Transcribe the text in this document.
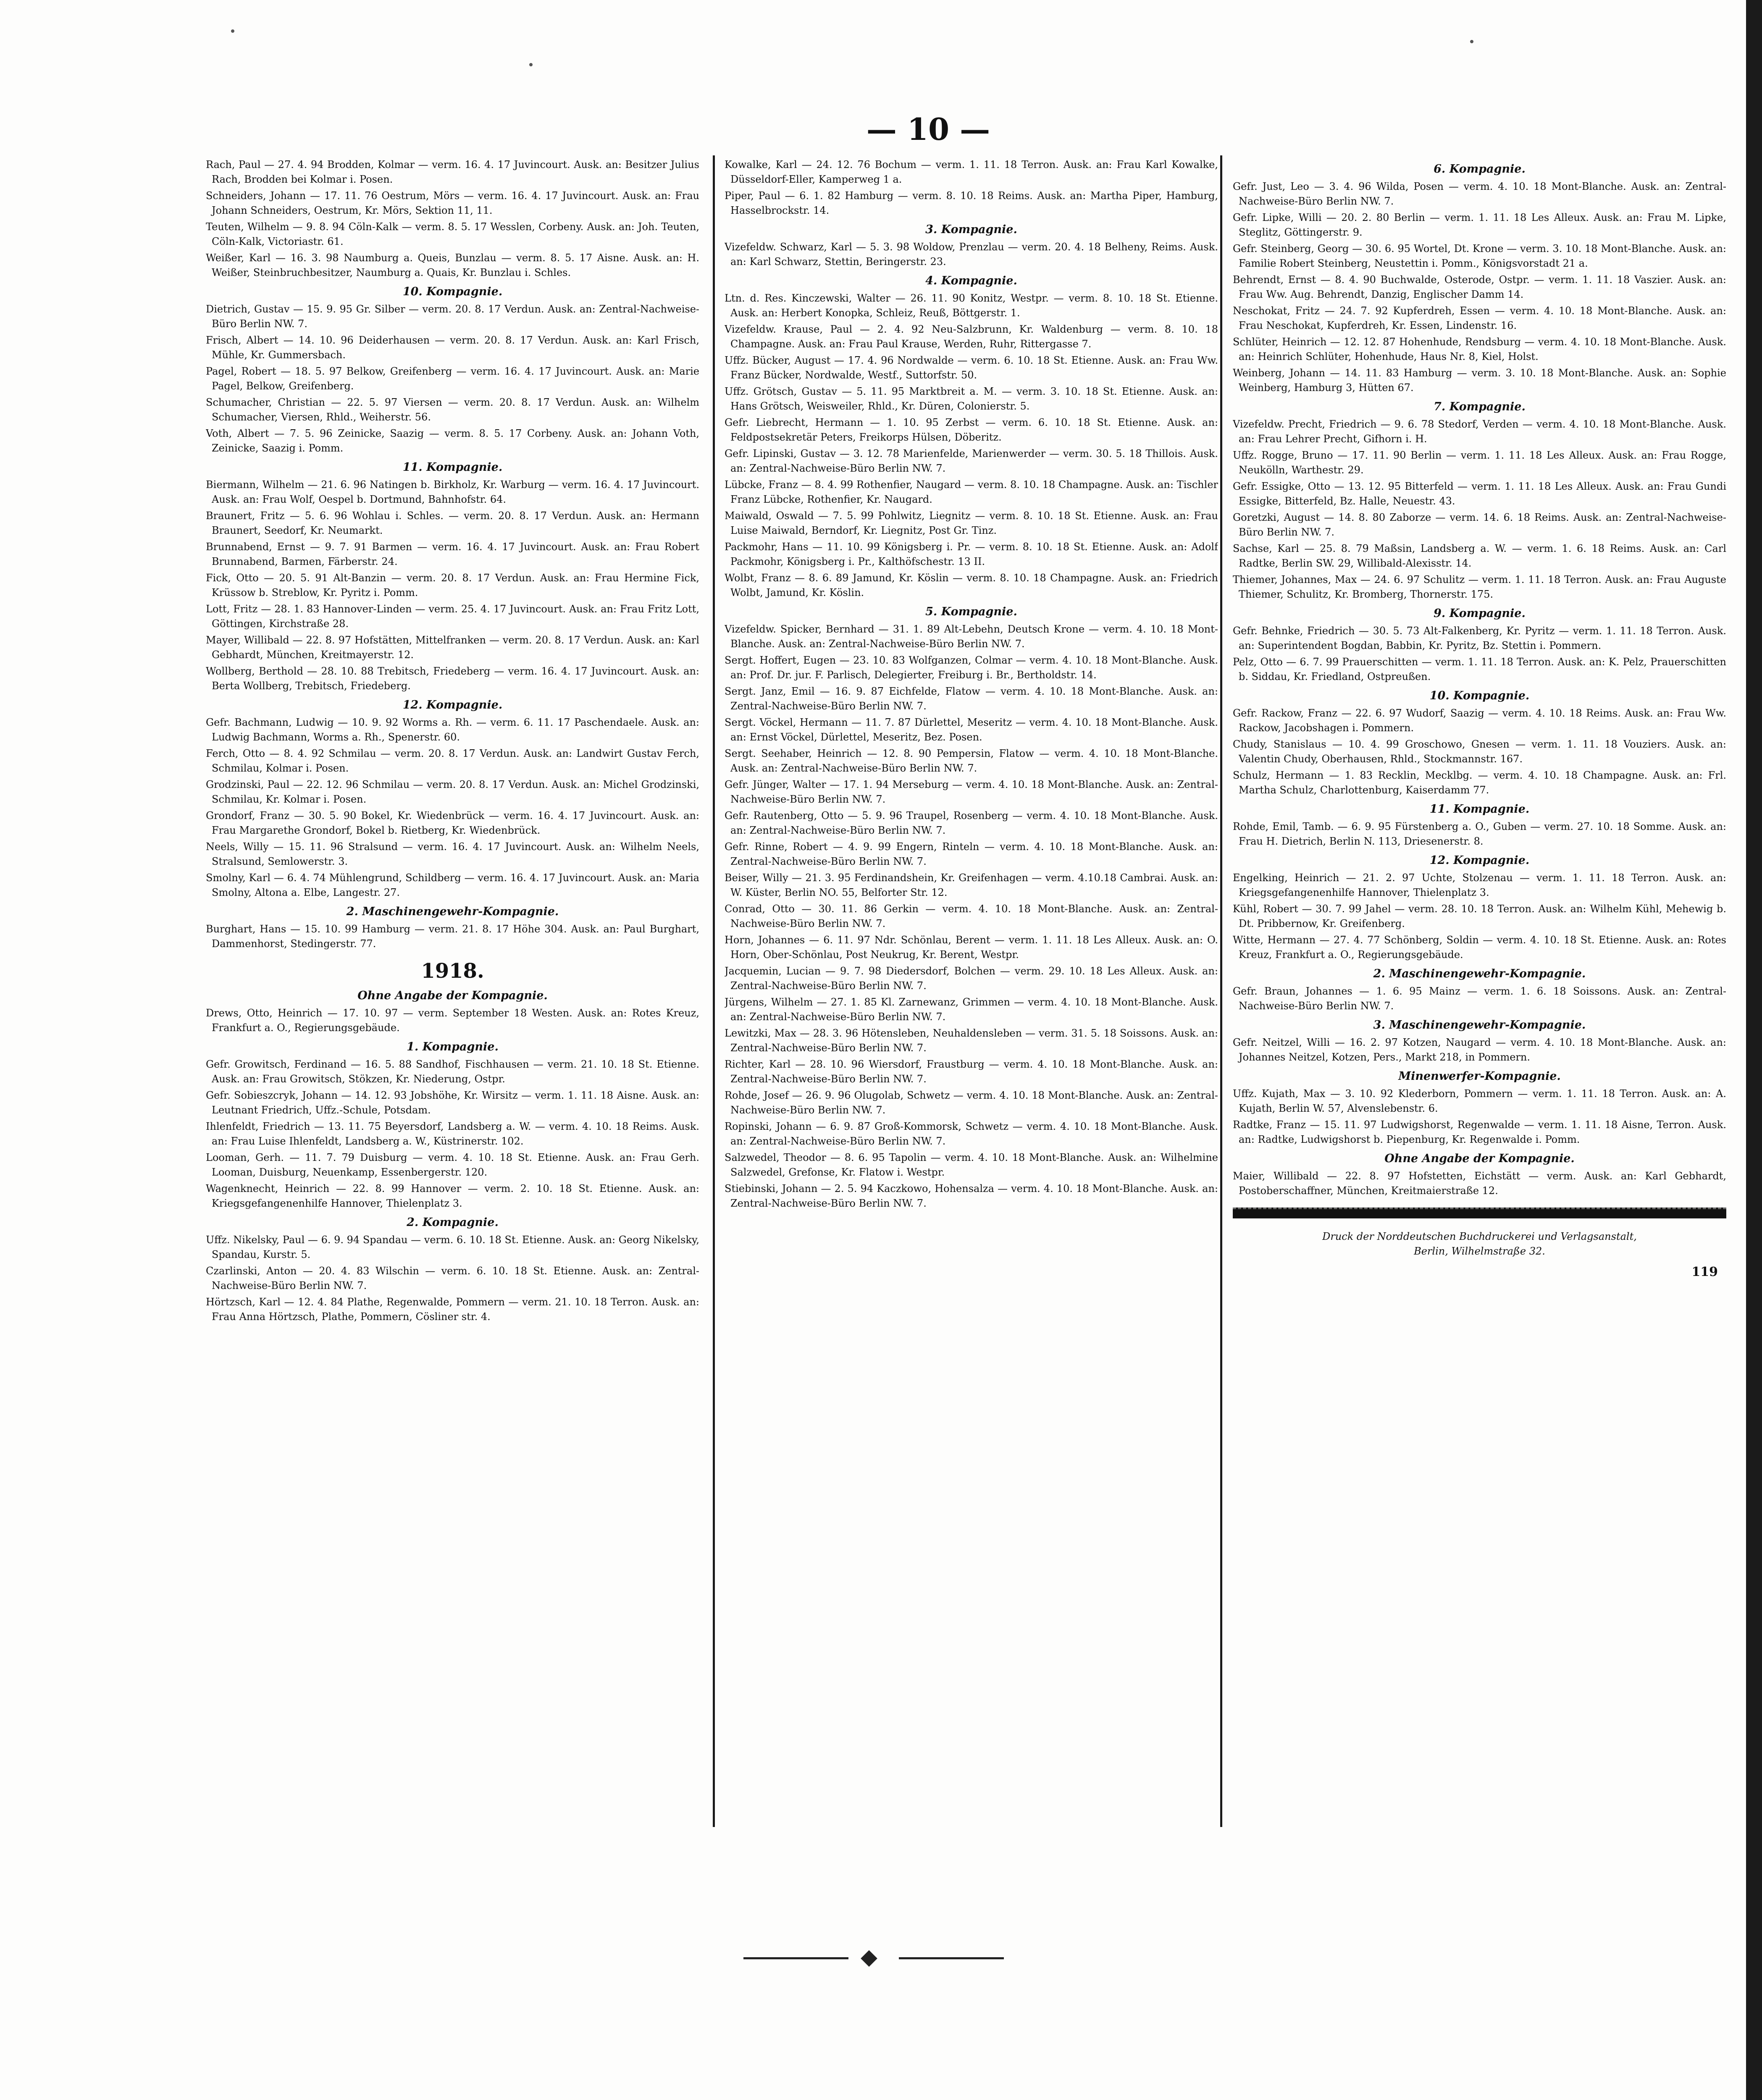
— 10 —
Rach, Paul — 27. 4. 94 Brodden, Kolmar — verm. 16. 4. 17 Juvincourt. Ausk. an: Besitzer Julius Rach, Brodden bei Kolmar i. Posen.
Schneiders, Johann — 17. 11. 76 Oestrum, Mörs — verm. 16. 4. 17 Juvincourt. Ausk. an: Frau Johann Schneiders, Oestrum, Kr. Mörs, Sektion 11, 11.
Teuten, Wilhelm — 9. 8. 94 Cöln-Kalk — verm. 8. 5. 17 Wesslen, Corbeny. Ausk. an: Joh. Teuten, Cöln-Kalk, Victoriastr. 61.
Weißer, Karl — 16. 3. 98 Naumburg a. Queis, Bunzlau — verm. 8. 5. 17 Aisne. Ausk. an: H. Weißer, Steinbruchbesitzer, Naumburg a. Quais, Kr. Bunzlau i. Schles.
10. Kompagnie.
Dietrich, Gustav — 15. 9. 95 Gr. Silber — verm. 20. 8. 17 Verdun. Ausk. an: Zentral-Nachweise-Büro Berlin NW. 7.
Frisch, Albert — 14. 10. 96 Deiderhausen — verm. 20. 8. 17 Verdun. Ausk. an: Karl Frisch, Mühle, Kr. Gummersbach.
Pagel, Robert — 18. 5. 97 Belkow, Greifenberg — verm. 16. 4. 17 Juvincourt. Ausk. an: Marie Pagel, Belkow, Greifenberg.
Schumacher, Christian — 22. 5. 97 Viersen — verm. 20. 8. 17 Verdun. Ausk. an: Wilhelm Schumacher, Viersen, Rhld., Weiherstr. 56.
Voth, Albert — 7. 5. 96 Zeinicke, Saazig — verm. 8. 5. 17 Corbeny. Ausk. an: Johann Voth, Zeinicke, Saazig i. Pomm.
11. Kompagnie.
Biermann, Wilhelm — 21. 6. 96 Natingen b. Birkholz, Kr. Warburg — verm. 16. 4. 17 Juvincourt. Ausk. an: Frau Wolf, Oespel b. Dortmund, Bahnhofstr. 64.
Braunert, Fritz — 5. 6. 96 Wohlau i. Schles. — verm. 20. 8. 17 Verdun. Ausk. an: Hermann Braunert, Seedorf, Kr. Neumarkt.
Brunnabend, Ernst — 9. 7. 91 Barmen — verm. 16. 4. 17 Juvincourt. Ausk. an: Frau Robert Brunnabend, Barmen, Färberstr. 24.
Fick, Otto — 20. 5. 91 Alt-Banzin — verm. 20. 8. 17 Verdun. Ausk. an: Frau Hermine Fick, Krüssow b. Streblow, Kr. Pyritz i. Pomm.
Lott, Fritz — 28. 1. 83 Hannover-Linden — verm. 25. 4. 17 Juvincourt. Ausk. an: Frau Fritz Lott, Göttingen, Kirchstraße 28.
Mayer, Willibald — 22. 8. 97 Hofstätten, Mittelfranken — verm. 20. 8. 17 Verdun. Ausk. an: Karl Gebhardt, München, Kreitmayerstr. 12.
Wollberg, Berthold — 28. 10. 88 Trebitsch, Friedeberg — verm. 16. 4. 17 Juvincourt. Ausk. an: Berta Wollberg, Trebitsch, Friedeberg.
12. Kompagnie.
Gefr. Bachmann, Ludwig — 10. 9. 92 Worms a. Rh. — verm. 6. 11. 17 Paschendaele. Ausk. an: Ludwig Bachmann, Worms a. Rh., Spenerstr. 60.
Ferch, Otto — 8. 4. 92 Schmilau — verm. 20. 8. 17 Verdun. Ausk. an: Landwirt Gustav Ferch, Schmilau, Kolmar i. Posen.
Grodzinski, Paul — 22. 12. 96 Schmilau — verm. 20. 8. 17 Verdun. Ausk. an: Michel Grodzinski, Schmilau, Kr. Kolmar i. Posen.
Grondorf, Franz — 30. 5. 90 Bokel, Kr. Wiedenbrück — verm. 16. 4. 17 Juvincourt. Ausk. an: Frau Margarethe Grondorf, Bokel b. Rietberg, Kr. Wiedenbrück.
Neels, Willy — 15. 11. 96 Stralsund — verm. 16. 4. 17 Juvincourt. Ausk. an: Wilhelm Neels, Stralsund, Semlowerstr. 3.
Smolny, Karl — 6. 4. 74 Mühlengrund, Schildberg — verm. 16. 4. 17 Juvincourt. Ausk. an: Maria Smolny, Altona a. Elbe, Langestr. 27.
2. Maschinengewehr-Kompagnie.
Burghart, Hans — 15. 10. 99 Hamburg — verm. 21. 8. 17 Höhe 304. Ausk. an: Paul Burghart, Dammenhorst, Stedingerstr. 77.
1918.
Ohne Angabe der Kompagnie.
Drews, Otto, Heinrich — 17. 10. 97 — verm. September 18 Westen. Ausk. an: Rotes Kreuz, Frankfurt a. O., Regierungsgebäude.
1. Kompagnie.
Gefr. Growitsch, Ferdinand — 16. 5. 88 Sandhof, Fischhausen — verm. 21. 10. 18 St. Etienne. Ausk. an: Frau Growitsch, Stökzen, Kr. Niederung, Ostpr.
Gefr. Sobieszcryk, Johann — 14. 12. 93 Jobshöhe, Kr. Wirsitz — verm. 1. 11. 18 Aisne. Ausk. an: Leutnant Friedrich, Uffz.-Schule, Potsdam.
Ihlenfeldt, Friedrich — 13. 11. 75 Beyersdorf, Landsberg a. W. — verm. 4. 10. 18 Reims. Ausk. an: Frau Luise Ihlenfeldt, Landsberg a. W., Küstrinerstr. 102.
Looman, Gerh. — 11. 7. 79 Duisburg — verm. 4. 10. 18 St. Etienne. Ausk. an: Frau Gerh. Looman, Duisburg, Neuenkamp, Essenbergerstr. 120.
Wagenknecht, Heinrich — 22. 8. 99 Hannover — verm. 2. 10. 18 St. Etienne. Ausk. an: Kriegsgefangenenhilfe Hannover, Thielenplatz 3.
2. Kompagnie.
Uffz. Nikelsky, Paul — 6. 9. 94 Spandau — verm. 6. 10. 18 St. Etienne. Ausk. an: Georg Nikelsky, Spandau, Kurstr. 5.
Czarlinski, Anton — 20. 4. 83 Wilschin — verm. 6. 10. 18 St. Etienne. Ausk. an: Zentral-Nachweise-Büro Berlin NW. 7.
Hörtzsch, Karl — 12. 4. 84 Plathe, Regenwalde, Pommern — verm. 21. 10. 18 Terron. Ausk. an: Frau Anna Hörtzsch, Plathe, Pommern, Cösliner str. 4.
Kowalke, Karl — 24. 12. 76 Bochum — verm. 1. 11. 18 Terron. Ausk. an: Frau Karl Kowalke, Düsseldorf-Eller, Kamperweg 1 a.
Piper, Paul — 6. 1. 82 Hamburg — verm. 8. 10. 18 Reims. Ausk. an: Martha Piper, Hamburg, Hasselbrockstr. 14.
3. Kompagnie.
Vizefeldw. Schwarz, Karl — 5. 3. 98 Woldow, Prenzlau — verm. 20. 4. 18 Belheny, Reims. Ausk. an: Karl Schwarz, Stettin, Beringerstr. 23.
4. Kompagnie.
Ltn. d. Res. Kinczewski, Walter — 26. 11. 90 Konitz, Westpr. — verm. 8. 10. 18 St. Etienne. Ausk. an: Herbert Konopka, Schleiz, Reuß, Böttgerstr. 1.
Vizefeldw. Krause, Paul — 2. 4. 92 Neu-Salzbrunn, Kr. Waldenburg — verm. 8. 10. 18 Champagne. Ausk. an: Frau Paul Krause, Werden, Ruhr, Rittergasse 7.
Uffz. Bücker, August — 17. 4. 96 Nordwalde — verm. 6. 10. 18 St. Etienne. Ausk. an: Frau Ww. Franz Bücker, Nordwalde, Westf., Suttorfstr. 50.
Uffz. Grötsch, Gustav — 5. 11. 95 Marktbreit a. M. — verm. 3. 10. 18 St. Etienne. Ausk. an: Hans Grötsch, Weisweiler, Rhld., Kr. Düren, Colonierstr. 5.
Gefr. Liebrecht, Hermann — 1. 10. 95 Zerbst — verm. 6. 10. 18 St. Etienne. Ausk. an: Feldpostsekretär Peters, Freikorps Hülsen, Döberitz.
Gefr. Lipinski, Gustav — 3. 12. 78 Marienfelde, Marienwerder — verm. 30. 5. 18 Thillois. Ausk. an: Zentral-Nachweise-Büro Berlin NW. 7.
Lübcke, Franz — 8. 4. 99 Rothenfier, Naugard — verm. 8. 10. 18 Champagne. Ausk. an: Tischler Franz Lübcke, Rothenfier, Kr. Naugard.
Maiwald, Oswald — 7. 5. 99 Pohlwitz, Liegnitz — verm. 8. 10. 18 St. Etienne. Ausk. an: Frau Luise Maiwald, Berndorf, Kr. Liegnitz, Post Gr. Tinz.
Packmohr, Hans — 11. 10. 99 Königsberg i. Pr. — verm. 8. 10. 18 St. Etienne. Ausk. an: Adolf Packmohr, Königsberg i. Pr., Kalthöfschestr. 13 II.
Wolbt, Franz — 8. 6. 89 Jamund, Kr. Köslin — verm. 8. 10. 18 Champagne. Ausk. an: Friedrich Wolbt, Jamund, Kr. Köslin.
5. Kompagnie.
Vizefeldw. Spicker, Bernhard — 31. 1. 89 Alt-Lebehn, Deutsch Krone — verm. 4. 10. 18 Mont-Blanche. Ausk. an: Zentral-Nachweise-Büro Berlin NW. 7.
Sergt. Hoffert, Eugen — 23. 10. 83 Wolfganzen, Colmar — verm. 4. 10. 18 Mont-Blanche. Ausk. an: Prof. Dr. jur. F. Parlisch, Delegierter, Freiburg i. Br., Bertholdstr. 14.
Sergt. Janz, Emil — 16. 9. 87 Eichfelde, Flatow — verm. 4. 10. 18 Mont-Blanche. Ausk. an: Zentral-Nachweise-Büro Berlin NW. 7.
Sergt. Vöckel, Hermann — 11. 7. 87 Dürlettel, Meseritz — verm. 4. 10. 18 Mont-Blanche. Ausk. an: Ernst Vöckel, Dürlettel, Meseritz, Bez. Posen.
Sergt. Seehaber, Heinrich — 12. 8. 90 Pempersin, Flatow — verm. 4. 10. 18 Mont-Blanche. Ausk. an: Zentral-Nachweise-Büro Berlin NW. 7.
Gefr. Jünger, Walter — 17. 1. 94 Merseburg — verm. 4. 10. 18 Mont-Blanche. Ausk. an: Zentral-Nachweise-Büro Berlin NW. 7.
Gefr. Rautenberg, Otto — 5. 9. 96 Traupel, Rosenberg — verm. 4. 10. 18 Mont-Blanche. Ausk. an: Zentral-Nachweise-Büro Berlin NW. 7.
Gefr. Rinne, Robert — 4. 9. 99 Engern, Rinteln — verm. 4. 10. 18 Mont-Blanche. Ausk. an: Zentral-Nachweise-Büro Berlin NW. 7.
Beiser, Willy — 21. 3. 95 Ferdinandshein, Kr. Greifenhagen — verm. 4.10.18 Cambrai. Ausk. an: W. Küster, Berlin NO. 55, Belforter Str. 12.
Conrad, Otto — 30. 11. 86 Gerkin — verm. 4. 10. 18 Mont-Blanche. Ausk. an: Zentral-Nachweise-Büro Berlin NW. 7.
Horn, Johannes — 6. 11. 97 Ndr. Schönlau, Berent — verm. 1. 11. 18 Les Alleux. Ausk. an: O. Horn, Ober-Schönlau, Post Neukrug, Kr. Berent, Westpr.
Jacquemin, Lucian — 9. 7. 98 Diedersdorf, Bolchen — verm. 29. 10. 18 Les Alleux. Ausk. an: Zentral-Nachweise-Büro Berlin NW. 7.
Jürgens, Wilhelm — 27. 1. 85 Kl. Zarnewanz, Grimmen — verm. 4. 10. 18 Mont-Blanche. Ausk. an: Zentral-Nachweise-Büro Berlin NW. 7.
Lewitzki, Max — 28. 3. 96 Hötensleben, Neuhaldensleben — verm. 31. 5. 18 Soissons. Ausk. an: Zentral-Nachweise-Büro Berlin NW. 7.
Richter, Karl — 28. 10. 96 Wiersdorf, Fraustburg — verm. 4. 10. 18 Mont-Blanche. Ausk. an: Zentral-Nachweise-Büro Berlin NW. 7.
Rohde, Josef — 26. 9. 96 Olugolab, Schwetz — verm. 4. 10. 18 Mont-Blanche. Ausk. an: Zentral-Nachweise-Büro Berlin NW. 7.
Ropinski, Johann — 6. 9. 87 Groß-Kommorsk, Schwetz — verm. 4. 10. 18 Mont-Blanche. Ausk. an: Zentral-Nachweise-Büro Berlin NW. 7.
Salzwedel, Theodor — 8. 6. 95 Tapolin — verm. 4. 10. 18 Mont-Blanche. Ausk. an: Wilhelmine Salzwedel, Grefonse, Kr. Flatow i. Westpr.
Stiebinski, Johann — 2. 5. 94 Kaczkowo, Hohensalza — verm. 4. 10. 18 Mont-Blanche. Ausk. an: Zentral-Nachweise-Büro Berlin NW. 7.
6. Kompagnie.
Gefr. Just, Leo — 3. 4. 96 Wilda, Posen — verm. 4. 10. 18 Mont-Blanche. Ausk. an: Zentral-Nachweise-Büro Berlin NW. 7.
Gefr. Lipke, Willi — 20. 2. 80 Berlin — verm. 1. 11. 18 Les Alleux. Ausk. an: Frau M. Lipke, Steglitz, Göttingerstr. 9.
Gefr. Steinberg, Georg — 30. 6. 95 Wortel, Dt. Krone — verm. 3. 10. 18 Mont-Blanche. Ausk. an: Familie Robert Steinberg, Neustettin i. Pomm., Königsvorstadt 21 a.
Behrendt, Ernst — 8. 4. 90 Buchwalde, Osterode, Ostpr. — verm. 1. 11. 18 Vaszier. Ausk. an: Frau Ww. Aug. Behrendt, Danzig, Englischer Damm 14.
Neschokat, Fritz — 24. 7. 92 Kupferdreh, Essen — verm. 4. 10. 18 Mont-Blanche. Ausk. an: Frau Neschokat, Kupferdreh, Kr. Essen, Lindenstr. 16.
Schlüter, Heinrich — 12. 12. 87 Hohenhude, Rendsburg — verm. 4. 10. 18 Mont-Blanche. Ausk. an: Heinrich Schlüter, Hohenhude, Haus Nr. 8, Kiel, Holst.
Weinberg, Johann — 14. 11. 83 Hamburg — verm. 3. 10. 18 Mont-Blanche. Ausk. an: Sophie Weinberg, Hamburg 3, Hütten 67.
7. Kompagnie.
Vizefeldw. Precht, Friedrich — 9. 6. 78 Stedorf, Verden — verm. 4. 10. 18 Mont-Blanche. Ausk. an: Frau Lehrer Precht, Gifhorn i. H.
Uffz. Rogge, Bruno — 17. 11. 90 Berlin — verm. 1. 11. 18 Les Alleux. Ausk. an: Frau Rogge, Neukölln, Warthestr. 29.
Gefr. Essigke, Otto — 13. 12. 95 Bitterfeld — verm. 1. 11. 18 Les Alleux. Ausk. an: Frau Gundi Essigke, Bitterfeld, Bz. Halle, Neuestr. 43.
Goretzki, August — 14. 8. 80 Zaborze — verm. 14. 6. 18 Reims. Ausk. an: Zentral-Nachweise-Büro Berlin NW. 7.
Sachse, Karl — 25. 8. 79 Maßsin, Landsberg a. W. — verm. 1. 6. 18 Reims. Ausk. an: Carl Radtke, Berlin SW. 29, Willibald-Alexisstr. 14.
Thiemer, Johannes, Max — 24. 6. 97 Schulitz — verm. 1. 11. 18 Terron. Ausk. an: Frau Auguste Thiemer, Schulitz, Kr. Bromberg, Thornerstr. 175.
9. Kompagnie.
Gefr. Behnke, Friedrich — 30. 5. 73 Alt-Falkenberg, Kr. Pyritz — verm. 1. 11. 18 Terron. Ausk. an: Superintendent Bogdan, Babbin, Kr. Pyritz, Bz. Stettin i. Pommern.
Pelz, Otto — 6. 7. 99 Prauerschitten — verm. 1. 11. 18 Terron. Ausk. an: K. Pelz, Prauerschitten b. Siddau, Kr. Friedland, Ostpreußen.
10. Kompagnie.
Gefr. Rackow, Franz — 22. 6. 97 Wudorf, Saazig — verm. 4. 10. 18 Reims. Ausk. an: Frau Ww. Rackow, Jacobshagen i. Pommern.
Chudy, Stanislaus — 10. 4. 99 Groschowo, Gnesen — verm. 1. 11. 18 Vouziers. Ausk. an: Valentin Chudy, Oberhausen, Rhld., Stockmannstr. 167.
Schulz, Hermann — 1. 83 Recklin, Mecklbg. — verm. 4. 10. 18 Champagne. Ausk. an: Frl. Martha Schulz, Charlottenburg, Kaiserdamm 77.
11. Kompagnie.
Rohde, Emil, Tamb. — 6. 9. 95 Fürstenberg a. O., Guben — verm. 27. 10. 18 Somme. Ausk. an: Frau H. Dietrich, Berlin N. 113, Driesenerstr. 8.
12. Kompagnie.
Engelking, Heinrich — 21. 2. 97 Uchte, Stolzenau — verm. 1. 11. 18 Terron. Ausk. an: Kriegsgefangenenhilfe Hannover, Thielenplatz 3.
Kühl, Robert — 30. 7. 99 Jahel — verm. 28. 10. 18 Terron. Ausk. an: Wilhelm Kühl, Mehewig b. Dt. Pribbernow, Kr. Greifenberg.
Witte, Hermann — 27. 4. 77 Schönberg, Soldin — verm. 4. 10. 18 St. Etienne. Ausk. an: Rotes Kreuz, Frankfurt a. O., Regierungsgebäude.
2. Maschinengewehr-Kompagnie.
Gefr. Braun, Johannes — 1. 6. 95 Mainz — verm. 1. 6. 18 Soissons. Ausk. an: Zentral-Nachweise-Büro Berlin NW. 7.
3. Maschinengewehr-Kompagnie.
Gefr. Neitzel, Willi — 16. 2. 97 Kotzen, Naugard — verm. 4. 10. 18 Mont-Blanche. Ausk. an: Johannes Neitzel, Kotzen, Pers., Markt 218, in Pommern.
Minenwerfer-Kompagnie.
Uffz. Kujath, Max — 3. 10. 92 Klederborn, Pommern — verm. 1. 11. 18 Terron. Ausk. an: A. Kujath, Berlin W. 57, Alvenslebenstr. 6.
Radtke, Franz — 15. 11. 97 Ludwigshorst, Regenwalde — verm. 1. 11. 18 Aisne, Terron. Ausk. an: Radtke, Ludwigshorst b. Piepenburg, Kr. Regenwalde i. Pomm.
Ohne Angabe der Kompagnie.
Maier, Willibald — 22. 8. 97 Hofstetten, Eichstätt — verm. Ausk. an: Karl Gebhardt, Postoberschaffner, München, Kreitmaierstraße 12.
Druck der Norddeutschen Buchdruckerei und Verlagsanstalt,
Berlin, Wilhelmstraße 32.
119
